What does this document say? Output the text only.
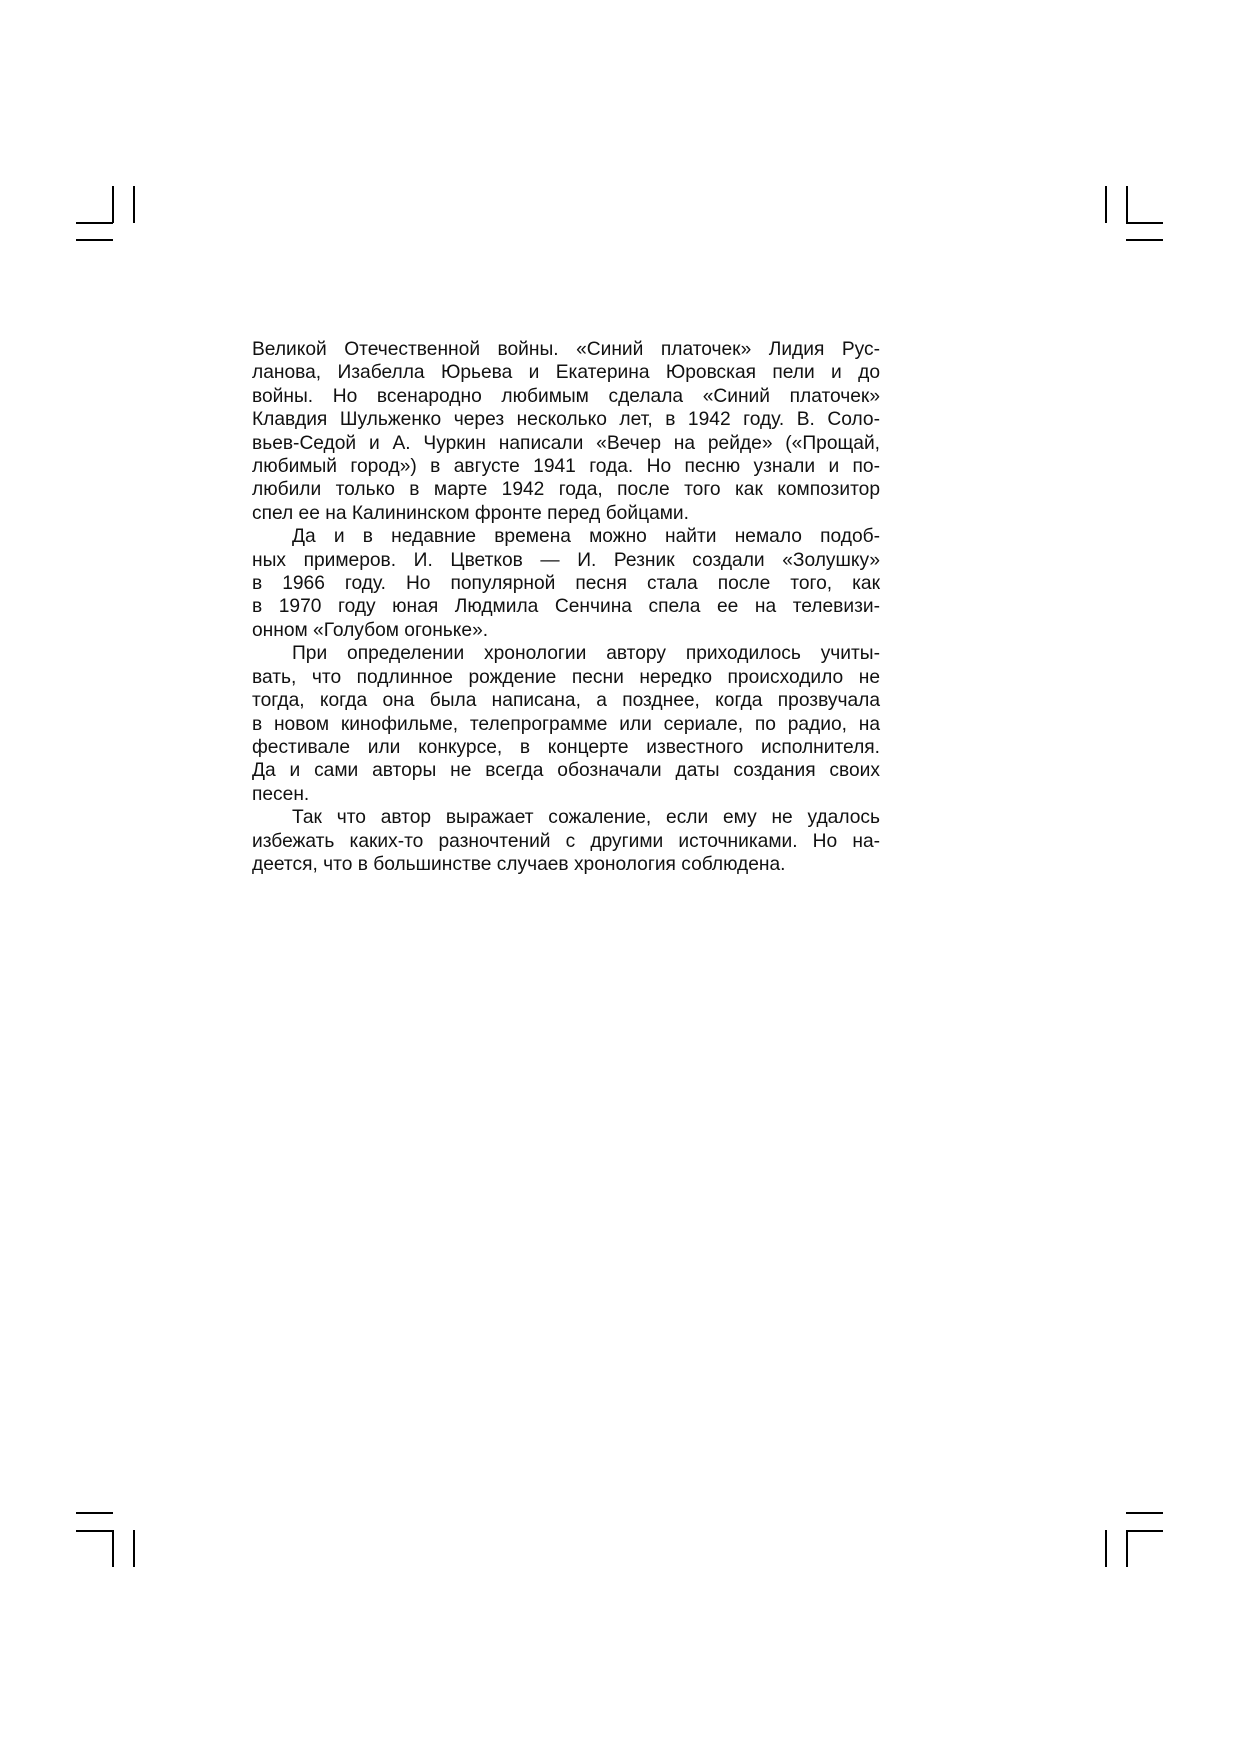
Великой Отечественной войны. «Синий платочек» Лидия Рус-
ланова, Изабелла Юрьева и Екатерина Юровская пели и до
войны. Но всенародно любимым сделала «Синий платочек»
Клавдия Шульженко через несколько лет, в 1942 году. В. Соло-
вьев-Седой и А. Чуркин написали «Вечер на рейде» («Прощай,
любимый город») в августе 1941 года. Но песню узнали и по-
любили только в марте 1942 года, после того как композитор
спел ее на Калининском фронте перед бойцами.

Да и в недавние времена можно найти немало подоб-
ных примеров. И. Цветков — И. Резник создали «Золушку»
в 1966 году. Но популярной песня стала после того, как
в 1970 году юная Людмила Сенчина спела ее на телевизи-
онном «Голубом огоньке».

При определении хронологии автору приходилось учиты-
вать, что подлинное рождение песни нередко происходило не
тогда, когда она была написана, а позднее, когда прозвучала
в новом кинофильме, телепрограмме или сериале, по радио, на
фестивале или конкурсе, в концерте известного исполнителя.
Да и сами авторы не всегда обозначали даты создания своих
песен.

Так что автор выражает сожаление, если ему не удалось
избежать каких-то разночтений с другими источниками. Но на-
деется, что в большинстве случаев хронология соблюдена.
